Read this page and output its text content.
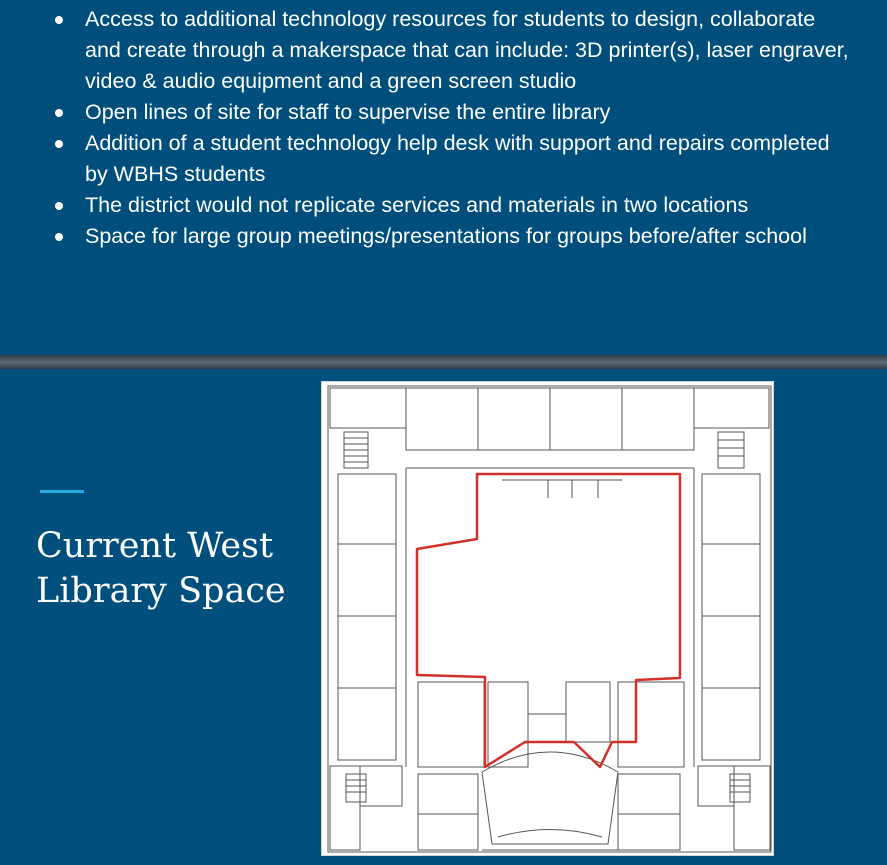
Access to additional technology resources for students to design, collaborate and create through a makerspace that can include: 3D printer(s), laser engraver, video & audio equipment and a green screen studio
Open lines of site for staff to supervise the entire library
Addition of a student technology help desk with support and repairs completed by WBHS students
The district would not replicate services and materials in two locations
Space for large group meetings/presentations for groups before/after school
Current West Library Space
